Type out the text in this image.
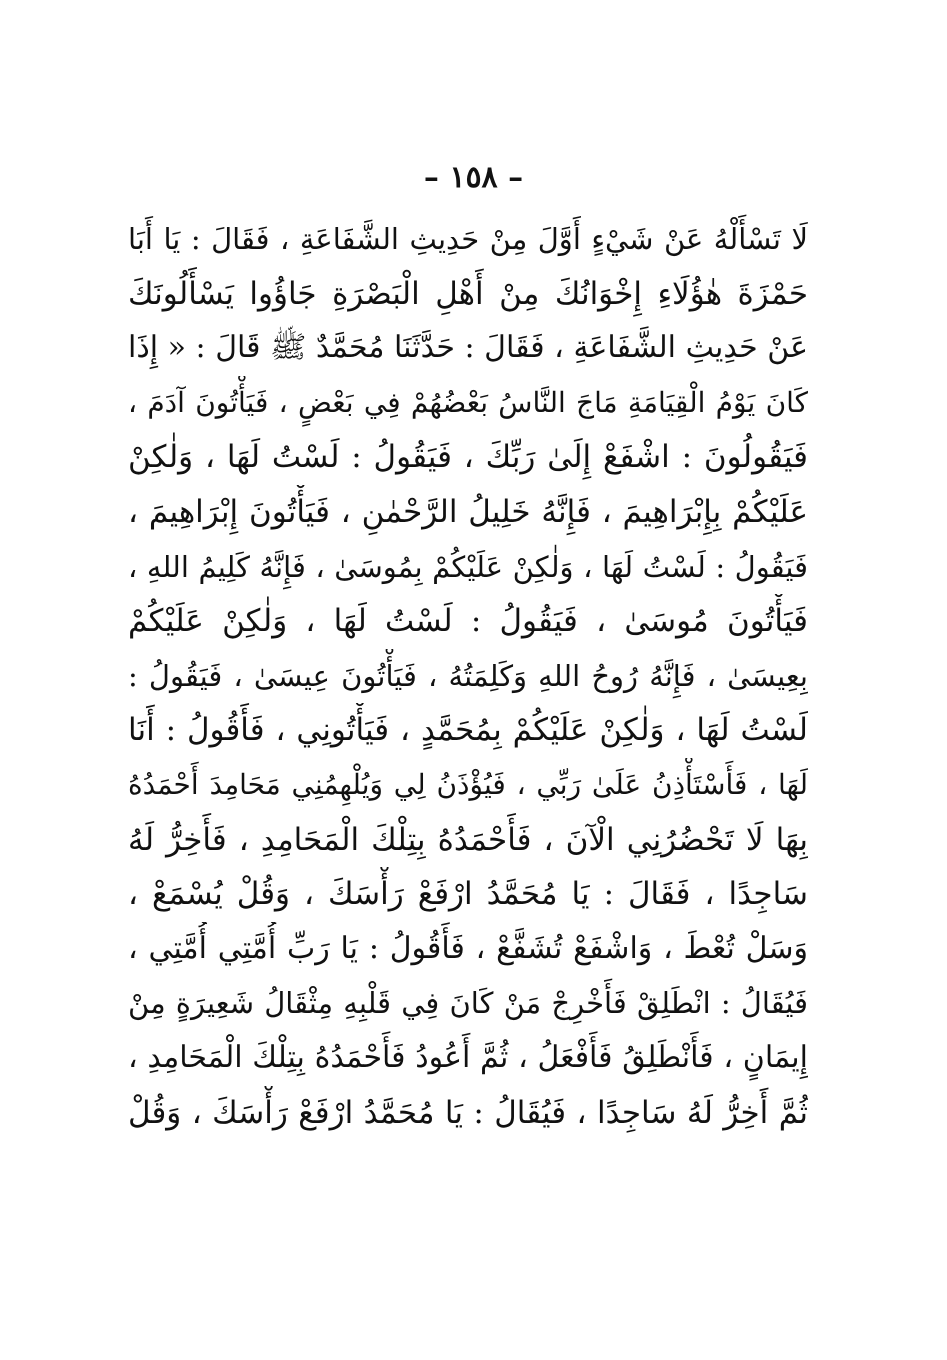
– ١٥٨ –
لَا تَسْأَلْهُ عَنْ شَيْءٍ أَوَّلَ مِنْ حَدِيثِ الشَّفَاعَةِ ، فَقَالَ : يَا أَبَا
حَمْزَةَ هٰؤُلَاءِ إِخْوَانُكَ مِنْ أَهْلِ الْبَصْرَةِ جَاؤُوا يَسْأَلُونَكَ
عَنْ حَدِيثِ الشَّفَاعَةِ ، فَقَالَ : حَدَّثَنَا مُحَمَّدٌ ﷺ قَالَ : « إِذَا
كَانَ يَوْمُ الْقِيَامَةِ مَاجَ النَّاسُ بَعْضُهُمْ فِي بَعْضٍ ، فَيَأْتُونَ آدَمَ ،
فَيَقُولُونَ : اشْفَعْ إِلَىٰ رَبِّكَ ، فَيَقُولُ : لَسْتُ لَهَا ، وَلٰكِنْ
عَلَيْكُمْ بِإِبْرَاهِيمَ ، فَإِنَّهُ خَلِيلُ الرَّحْمٰنِ ، فَيَأْتُونَ إِبْرَاهِيمَ ،
فَيَقُولُ : لَسْتُ لَهَا ، وَلٰكِنْ عَلَيْكُمْ بِمُوسَىٰ ، فَإِنَّهُ كَلِيمُ اللهِ ،
فَيَأْتُونَ مُوسَىٰ ، فَيَقُولُ : لَسْتُ لَهَا ، وَلٰكِنْ عَلَيْكُمْ
بِعِيسَىٰ ، فَإِنَّهُ رُوحُ اللهِ وَكَلِمَتُهُ ، فَيَأْتُونَ عِيسَىٰ ، فَيَقُولُ :
لَسْتُ لَهَا ، وَلٰكِنْ عَلَيْكُمْ بِمُحَمَّدٍ ، فَيَأْتُونِي ، فَأَقُولُ : أَنَا
لَهَا ، فَأَسْتَأْذِنُ عَلَىٰ رَبِّي ، فَيُؤْذَنُ لِي وَيُلْهِمُنِي مَحَامِدَ أَحْمَدُهُ
بِهَا لَا تَحْضُرُنِي الْآنَ ، فَأَحْمَدُهُ بِتِلْكَ الْمَحَامِدِ ، فَأَخِرُّ لَهُ
سَاجِدًا ، فَقَالَ : يَا مُحَمَّدُ ارْفَعْ رَأْسَكَ ، وَقُلْ يُسْمَعْ ،
وَسَلْ تُعْطَ ، وَاشْفَعْ تُشَفَّعْ ، فَأَقُولُ : يَا رَبِّ أُمَّتِي أُمَّتِي ،
فَيُقَالُ : انْطَلِقْ فَأَخْرِجْ مَنْ كَانَ فِي قَلْبِهِ مِثْقَالُ شَعِيرَةٍ مِنْ
إِيمَانٍ ، فَأَنْطَلِقُ فَأَفْعَلُ ، ثُمَّ أَعُودُ فَأَحْمَدُهُ بِتِلْكَ الْمَحَامِدِ ،
ثُمَّ أَخِرُّ لَهُ سَاجِدًا ، فَيُقَالُ : يَا مُحَمَّدُ ارْفَعْ رَأْسَكَ ، وَقُلْ
